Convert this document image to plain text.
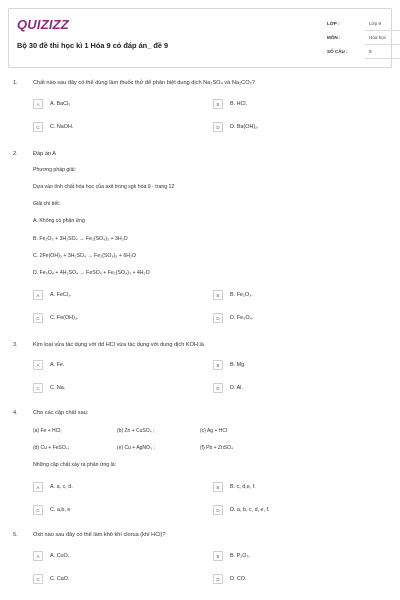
QUIZIZZ
Bộ 30 đề thi học kì 1 Hóa 9 có đáp án_ đề 9
LỚP :	Lớp 9
MÔN :	Hóa học
SỐ CÂU :	9
1.	Chất nào sau đây có thể dùng làm thuốc thử để phân biệt dung dịch Na₂SO₄ và Na₂CO₃?
A	A. BaCl₂	B	B. HCl.
C	C. NaOH.	D	D. Ba(OH)₂.
2.	Đáp án A
Phương pháp giải:
Dựa vào tính chất hóa học của axit trong sgk hóa 9 - trang 12
Giải chi tiết:
A. Không có phản ứng
B. Fe₂O₃ + 3H₂SO₄ → Fe₂(SO₄)₃ + 3H₂O
C. 2Fe(OH)₃ + 3H₂SO₄ → Fe₂(SO₄)₃ + 6H₂O
D. Fe₃O₄ + 4H₂SO₄ → FeSO₄ + Fe₂(SO₄)₃ + 4H₂O
A	A. FeCl₃.	B	B. Fe₂O₃.
C	C. Fe(OH)₃.	D	D. Fe₃O₄.
3.	Kim loại vừa tác dụng với dd HCl vừa tác dụng với dung dịch KOH là
A	A. Fe.	B	B. Mg.
C	C. Na.	D	D. Al.
4.	Cho các cặp chất sau:
(a) Fe + HCl;	(b) Zn + CuSO₄ ;	(c) Ag + HCl
(d) Cu + FeSO₄;	(e) Cu + AgNO₃ ;	(f) Pb + ZnSO₄
Những cặp chất xảy ra phản ứng là:
A	A. a, c, d.	B	B. c, d,e, f.
C	C. a,b, e	D	D. a, b, c, d, e, f.
5.	Oxit nào sau đây có thể làm khô khí clorua (khí HCl)?
A	A. CuO.	B	B. P₂O₅.
C	C. CaO.	D	D. CO.
